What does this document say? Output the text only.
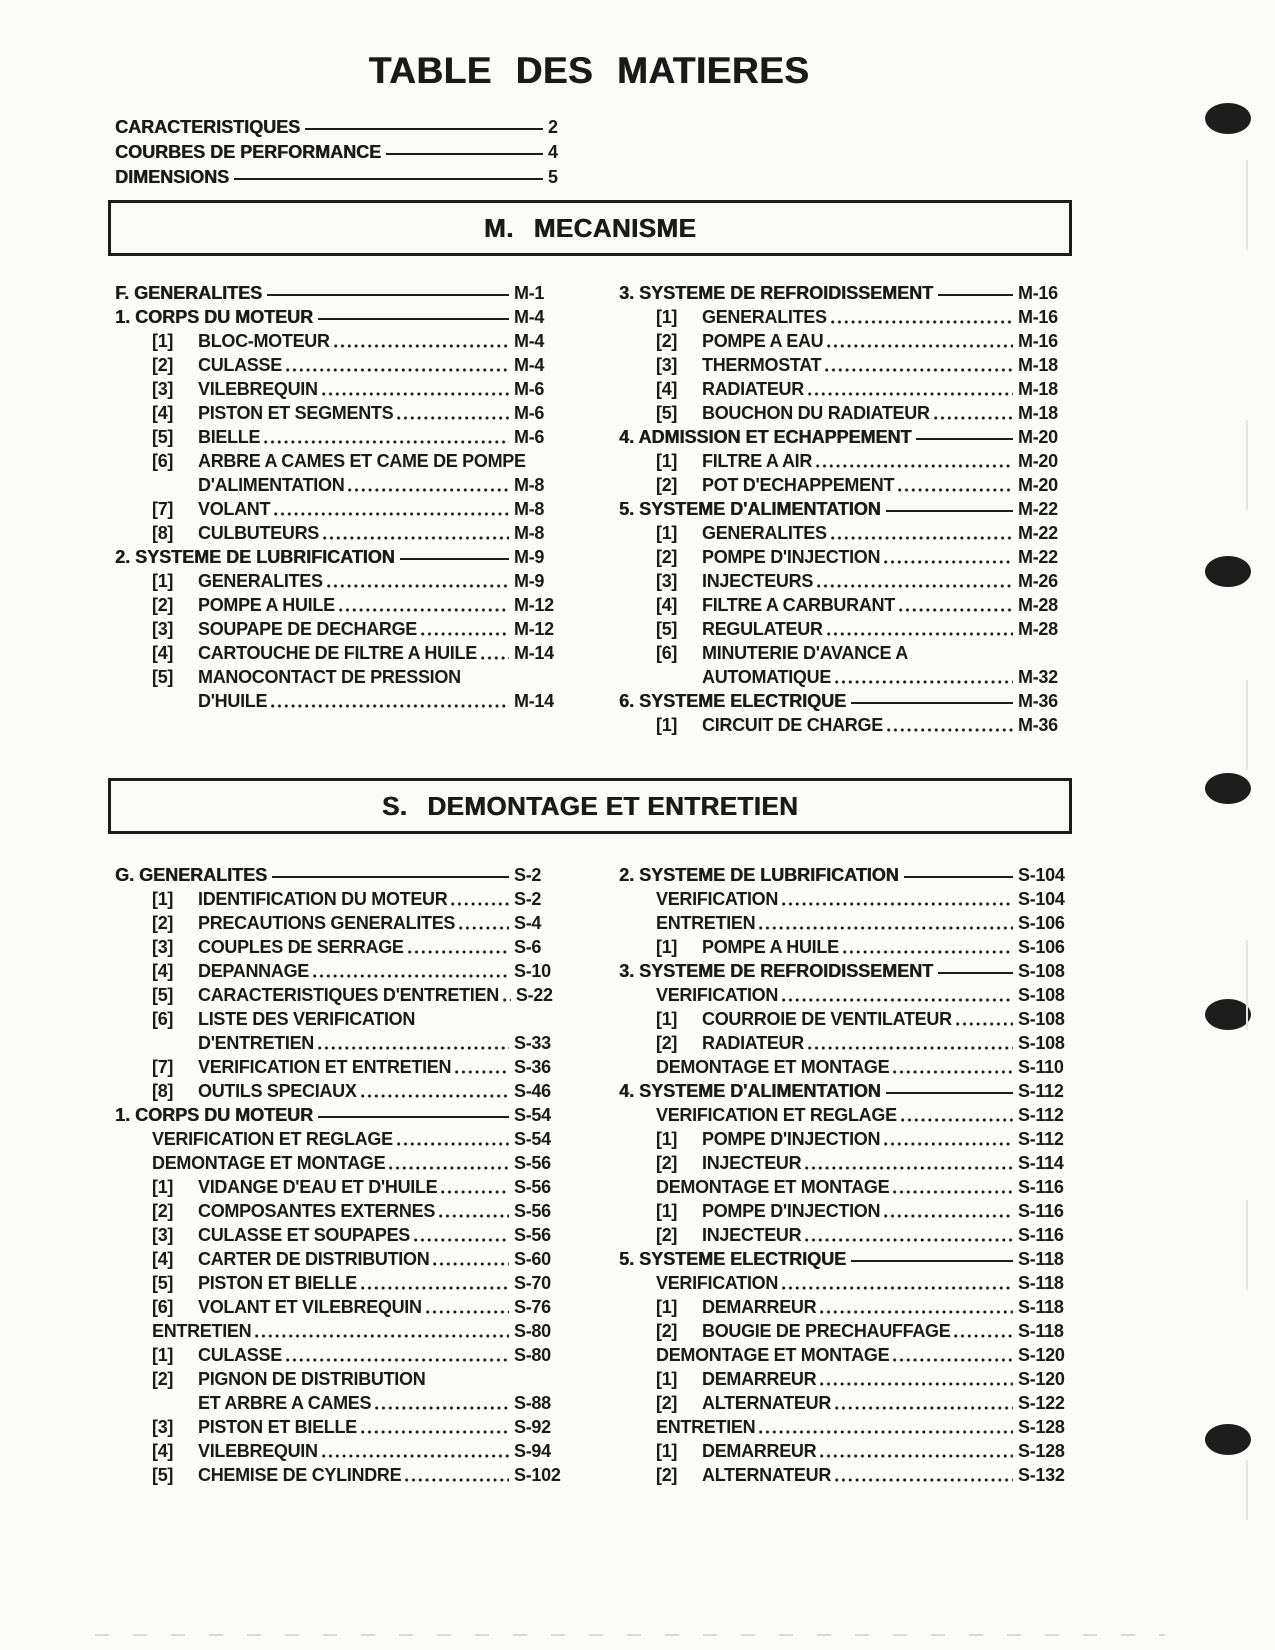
TABLE DES MATIERES
CARACTERISTIQUES	2
COURBES DE PERFORMANCE	4
DIMENSIONS	5
M. MECANISME
F. GENERALITES	M-1
1. CORPS DU MOTEUR	M-4
[1]	BLOC-MOTEUR	M-4
[2]	CULASSE	M-4
[3]	VILEBREQUIN	M-6
[4]	PISTON ET SEGMENTS	M-6
[5]	BIELLE	M-6
[6]	ARBRE A CAMES ET CAME DE POMPE
D'ALIMENTATION	M-8
[7]	VOLANT	M-8
[8]	CULBUTEURS	M-8
2. SYSTEME DE LUBRIFICATION	M-9
[1]	GENERALITES	M-9
[2]	POMPE A HUILE	M-12
[3]	SOUPAPE DE DECHARGE	M-12
[4]	CARTOUCHE DE FILTRE A HUILE M-14
[5]	MANOCONTACT DE PRESSION
D'HUILE	M-14
3. SYSTEME DE REFROIDISSEMENT	M-16
[1]	GENERALITES	M-16
[2]	POMPE A EAU	M-16
[3]	THERMOSTAT	M-18
[4]	RADIATEUR	M-18
[5]	BOUCHON DU RADIATEUR	M-18
4. ADMISSION ET ECHAPPEMENT	M-20
[1]	FILTRE A AIR	M-20
[2]	POT D'ECHAPPEMENT	M-20
5. SYSTEME D'ALIMENTATION	M-22
[1]	GENERALITES	M-22
[2]	POMPE D'INJECTION	M-22
[3]	INJECTEURS	M-26
[4]	FILTRE A CARBURANT	M-28
[5]	REGULATEUR	M-28
[6]	MINUTERIE D'AVANCE A
AUTOMATIQUE	M-32
6. SYSTEME ELECTRIQUE	M-36
[1]	CIRCUIT DE CHARGE	M-36
S. DEMONTAGE ET ENTRETIEN
G. GENERALITES	S-2
[1]	IDENTIFICATION DU MOTEUR	S-2
[2]	PRECAUTIONS GENERALITES	S-4
[3]	COUPLES DE SERRAGE	S-6
[4]	DEPANNAGE	S-10
[5]	CARACTERISTIQUES D'ENTRETIEN S-22
[6]	LISTE DES VERIFICATION
D'ENTRETIEN	S-33
[7]	VERIFICATION ET ENTRETIEN	S-36
[8]	OUTILS SPECIAUX	S-46
1. CORPS DU MOTEUR	S-54
VERIFICATION ET REGLAGE	S-54
DEMONTAGE ET MONTAGE	S-56
[1]	VIDANGE D'EAU ET D'HUILE	S-56
[2]	COMPOSANTES EXTERNES	S-56
[3]	CULASSE ET SOUPAPES	S-56
[4]	CARTER DE DISTRIBUTION	S-60
[5]	PISTON ET BIELLE	S-70
[6]	VOLANT ET VILEBREQUIN	S-76
ENTRETIEN	S-80
[1]	CULASSE	S-80
[2]	PIGNON DE DISTRIBUTION
ET ARBRE A CAMES	S-88
[3]	PISTON ET BIELLE	S-92
[4]	VILEBREQUIN	S-94
[5]	CHEMISE DE CYLINDRE	S-102
2. SYSTEME DE LUBRIFICATION	S-104
VERIFICATION	S-104
ENTRETIEN	S-106
[1]	POMPE A HUILE	S-106
3. SYSTEME DE REFROIDISSEMENT	S-108
VERIFICATION	S-108
[1]	COURROIE DE VENTILATEUR	S-108
[2]	RADIATEUR	S-108
DEMONTAGE ET MONTAGE	S-110
4. SYSTEME D'ALIMENTATION	S-112
VERIFICATION ET REGLAGE	S-112
[1]	POMPE D'INJECTION	S-112
[2]	INJECTEUR	S-114
DEMONTAGE ET MONTAGE	S-116
[1]	POMPE D'INJECTION	S-116
[2]	INJECTEUR	S-116
5. SYSTEME ELECTRIQUE	S-118
VERIFICATION	S-118
[1]	DEMARREUR	S-118
[2]	BOUGIE DE PRECHAUFFAGE	S-118
DEMONTAGE ET MONTAGE	S-120
[1]	DEMARREUR	S-120
[2]	ALTERNATEUR	S-122
ENTRETIEN	S-128
[1]	DEMARREUR	S-128
[2]	ALTERNATEUR	S-132
